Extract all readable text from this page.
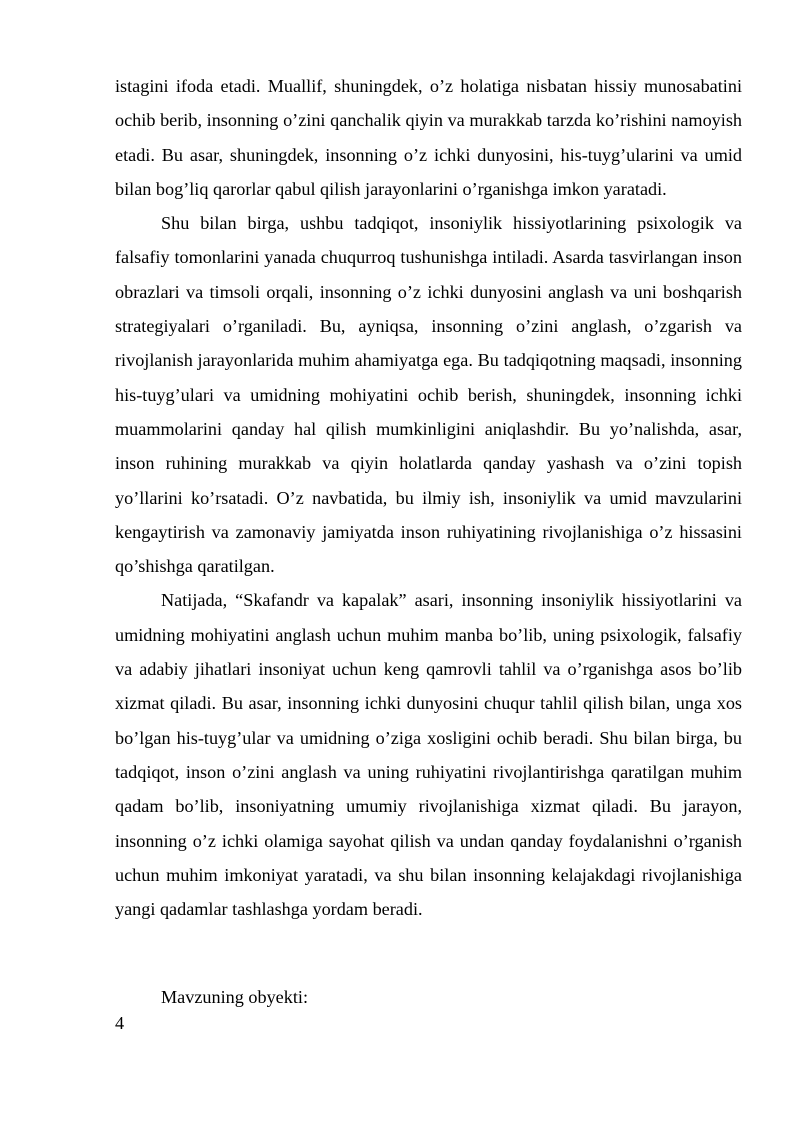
istagini ifoda etadi. Muallif, shuningdek, o’z holatiga nisbatan hissiy munosabatini ochib berib, insonning o’zini qanchalik qiyin va murakkab tarzda ko’rishini namoyish etadi. Bu asar, shuningdek, insonning o’z ichki dunyosini, his-tuyg’ularini va umid bilan bog’liq qarorlar qabul qilish jarayonlarini o’rganishga imkon yaratadi.

Shu bilan birga, ushbu tadqiqot, insoniylik hissiyotlarining psixologik va falsafiy tomonlarini yanada chuqurroq tushunishga intiladi. Asarda tasvirlangan inson obrazlari va timsoli orqali, insonning o’z ichki dunyosini anglash va uni boshqarish strategiyalari o’rganiladi. Bu, ayniqsa, insonning o’zini anglash, o’zgarish va rivojlanish jarayonlarida muhim ahamiyatga ega. Bu tadqiqotning maqsadi, insonning his-tuyg’ulari va umidning mohiyatini ochib berish, shuningdek, insonning ichki muammolarini qanday hal qilish mumkinligini aniqlashdir. Bu yo’nalishda, asar, inson ruhining murakkab va qiyin holatlarda qanday yashash va o’zini topish yo’llarini ko’rsatadi. O’z navbatida, bu ilmiy ish, insoniylik va umid mavzularini kengaytirish va zamonaviy jamiyatda inson ruhiyatining rivojlanishiga o’z hissasini qo’shishga qaratilgan.

Natijada, “Skafandr va kapalak” asari, insonning insoniylik hissiyotlarini va umidning mohiyatini anglash uchun muhim manba bo’lib, uning psixologik, falsafiy va adabiy jihatlari insoniyat uchun keng qamrovli tahlil va o’rganishga asos bo’lib xizmat qiladi. Bu asar, insonning ichki dunyosini chuqur tahlil qilish bilan, unga xos bo’lgan his-tuyg’ular va umidning o’ziga xosligini ochib beradi. Shu bilan birga, bu tadqiqot, inson o’zini anglash va uning ruhiyatini rivojlantirishga qaratilgan muhim qadam bo’lib, insoniyatning umumiy rivojlanishiga xizmat qiladi. Bu jarayon, insonning o’z ichki olamiga sayohat qilish va undan qanday foydalanishni o’rganish uchun muhim imkoniyat yaratadi, va shu bilan insonning kelajakdagi rivojlanishiga yangi qadamlar tashlashga yordam beradi.

Mavzuning obyekti:

4
